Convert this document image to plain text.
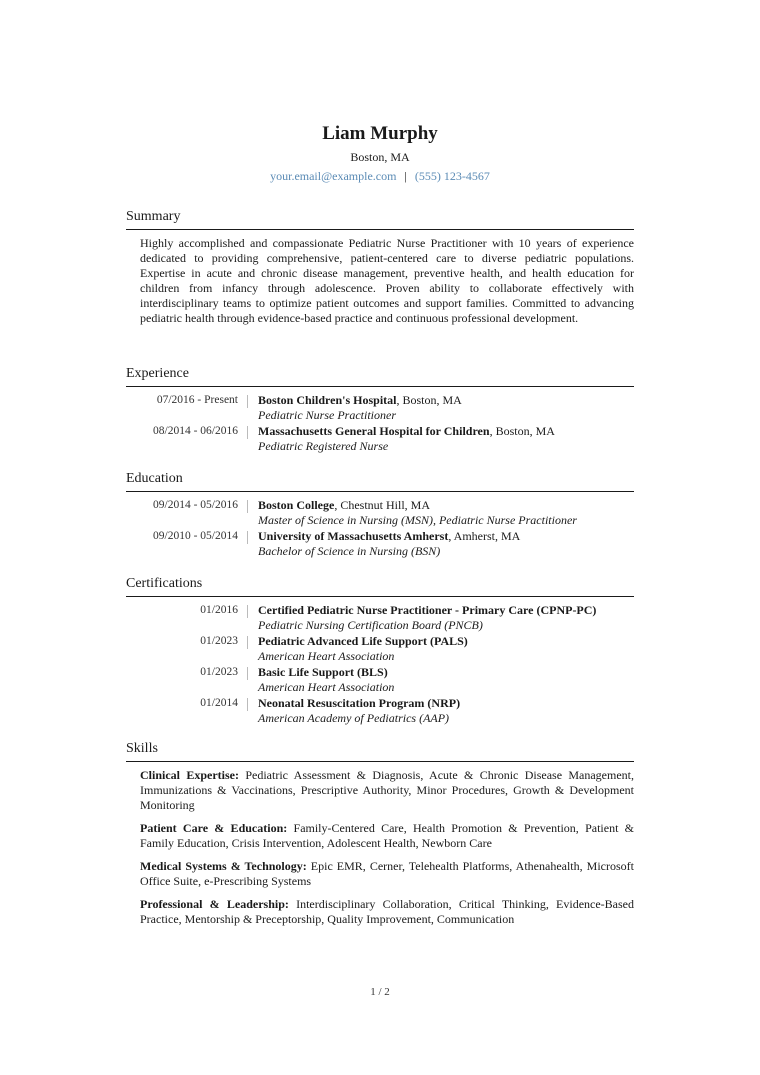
Liam Murphy
Boston, MA
your.email@example.com | (555) 123-4567
Summary
Highly accomplished and compassionate Pediatric Nurse Practitioner with 10 years of experience dedicated to providing comprehensive, patient-centered care to diverse pediatric populations. Expertise in acute and chronic disease management, preventive health, and health education for children from infancy through adolescence. Proven ability to collaborate effectively with interdisciplinary teams to optimize patient outcomes and support families. Committed to advancing pediatric health through evidence-based practice and continuous professional development.
Experience
07/2016 - Present Boston Children's Hospital, Boston, MA
Pediatric Nurse Practitioner
08/2014 - 06/2016 Massachusetts General Hospital for Children, Boston, MA
Pediatric Registered Nurse
Education
09/2014 - 05/2016 Boston College, Chestnut Hill, MA
Master of Science in Nursing (MSN), Pediatric Nurse Practitioner
09/2010 - 05/2014 University of Massachusetts Amherst, Amherst, MA
Bachelor of Science in Nursing (BSN)
Certifications
01/2016 Certified Pediatric Nurse Practitioner - Primary Care (CPNP-PC)
Pediatric Nursing Certification Board (PNCB)
01/2023 Pediatric Advanced Life Support (PALS)
American Heart Association
01/2023 Basic Life Support (BLS)
American Heart Association
01/2014 Neonatal Resuscitation Program (NRP)
American Academy of Pediatrics (AAP)
Skills
Clinical Expertise: Pediatric Assessment & Diagnosis, Acute & Chronic Disease Management, Immunizations & Vaccinations, Prescriptive Authority, Minor Procedures, Growth & Development Monitoring
Patient Care & Education: Family-Centered Care, Health Promotion & Prevention, Patient & Family Education, Crisis Intervention, Adolescent Health, Newborn Care
Medical Systems & Technology: Epic EMR, Cerner, Telehealth Platforms, Athenahealth, Microsoft Office Suite, e-Prescribing Systems
Professional & Leadership: Interdisciplinary Collaboration, Critical Thinking, Evidence-Based Practice, Mentorship & Preceptorship, Quality Improvement, Communication
1 / 2
